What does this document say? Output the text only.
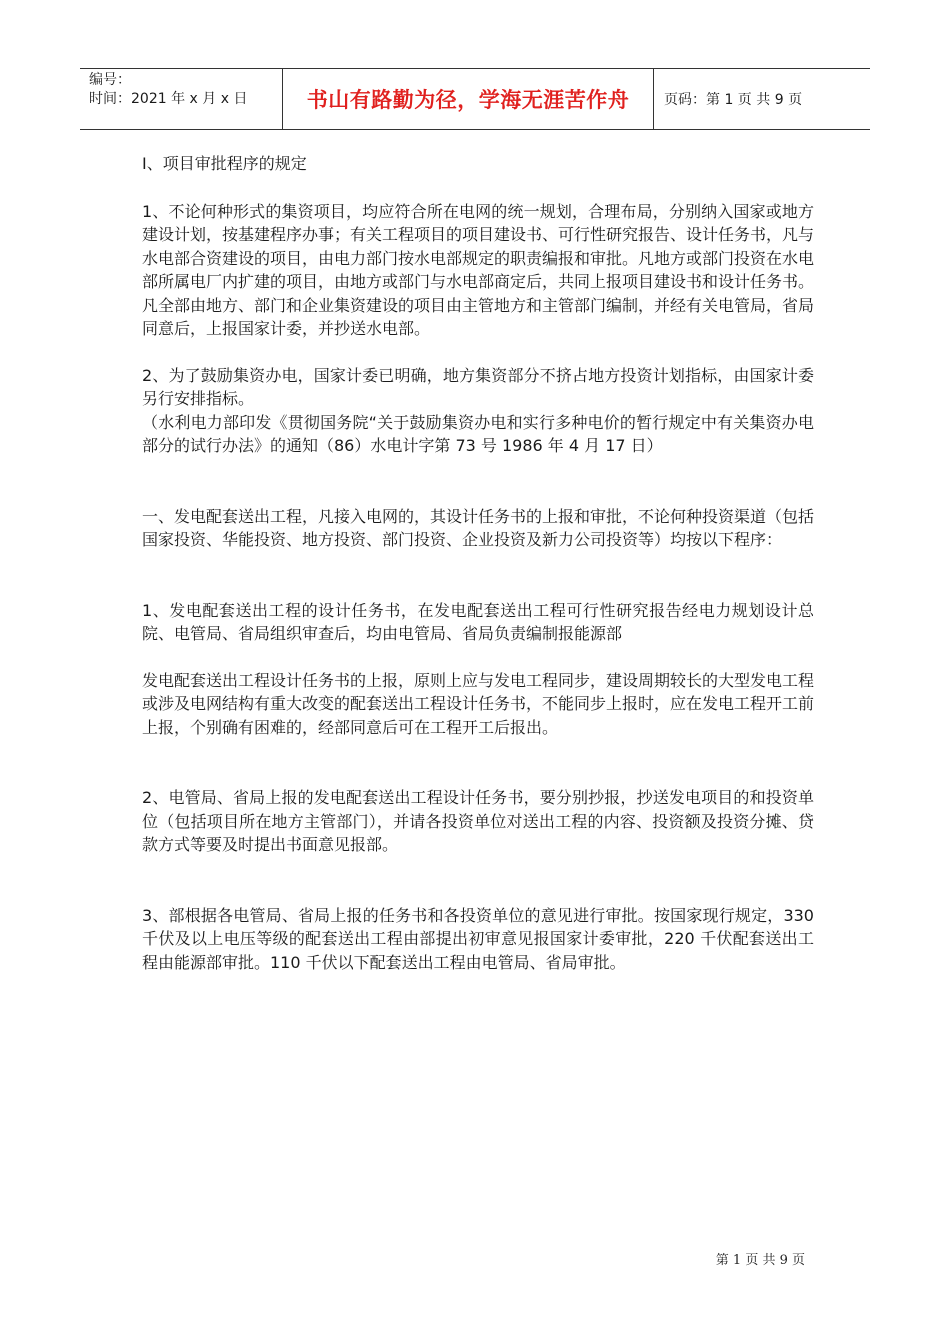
编号：
时间：2021 年 x 月 x 日	书山有路勤为径，学海无涯苦作舟 页码：第 1 页 共 9 页

I、项目审批程序的规定

1、不论何种形式的集资项目，均应符合所在电网的统一规划，合理布局，分别纳入国家或地方建设计划，按基建程序办事；有关工程项目的项目建设书、可行性研究报告、设计任务书，凡与水电部合资建设的项目，由电力部门按水电部规定的职责编报和审批。凡地方或部门投资在水电部所属电厂内扩建的项目，由地方或部门与水电部商定后，共同上报项目建设书和设计任务书。凡全部由地方、部门和企业集资建设的项目由主管地方和主管部门编制，并经有关电管局，省局同意后，上报国家计委，并抄送水电部。

2、为了鼓励集资办电，国家计委已明确，地方集资部分不挤占地方投资计划指标，由国家计委另行安排指标。

（水利电力部印发《贯彻国务院“关于鼓励集资办电和实行多种电价的暂行规定中有关集资办电部分的试行办法》的通知（86）水电计字第 73 号 1986 年 4 月 17 日）

一、发电配套送出工程，凡接入电网的，其设计任务书的上报和审批，不论何种投资渠道（包括国家投资、华能投资、地方投资、部门投资、企业投资及新力公司投资等）均按以下程序：

1、发电配套送出工程的设计任务书，在发电配套送出工程可行性研究报告经电力规划设计总院、电管局、省局组织审查后，均由电管局、省局负责编制报能源部

发电配套送出工程设计任务书的上报，原则上应与发电工程同步，建设周期较长的大型发电工程或涉及电网结构有重大改变的配套送出工程设计任务书，不能同步上报时，应在发电工程开工前上报，个别确有困难的，经部同意后可在工程开工后报出。

2、电管局、省局上报的发电配套送出工程设计任务书，要分别抄报，抄送发电项目的和投资单位（包括项目所在地方主管部门），并请各投资单位对送出工程的内容、投资额及投资分摊、贷款方式等要及时提出书面意见报部。

3、部根据各电管局、省局上报的任务书和各投资单位的意见进行审批。按国家现行规定，330 千伏及以上电压等级的配套送出工程由部提出初审意见报国家计委审批，220 千伏配套送出工程由能源部审批。110 千伏以下配套送出工程由电管局、省局审批。

第 1 页 共 9 页
